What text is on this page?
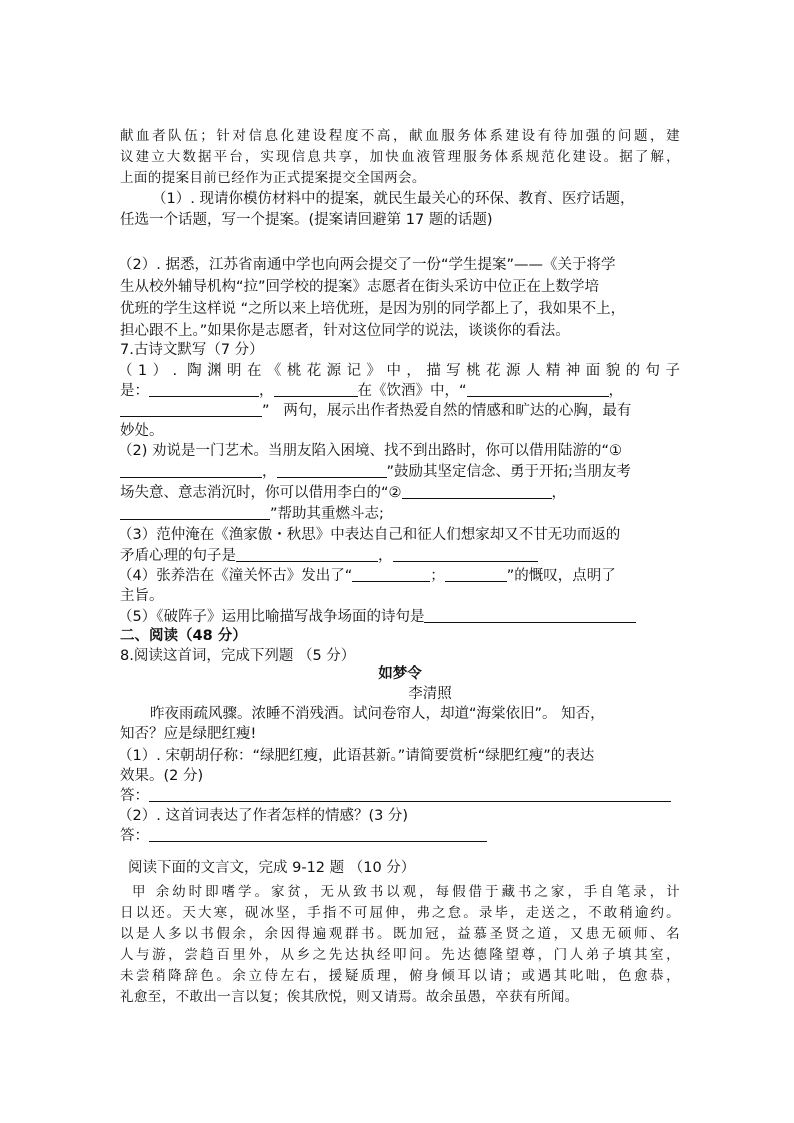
献血者队伍；针对信息化建设程度不高，献血服务体系建设有待加强的问题，建
议建立大数据平台，实现信息共享，加快血液管理服务体系规范化建设。据了解，
上面的提案目前已经作为正式提案提交全国两会。
（1）. 现请你模仿材料中的提案，就民生最关心的环保、教育、医疗话题，
任选一个话题，写一个提案。(提案请回避第 17 题的话题)
（2）. 据悉，江苏省南通中学也向两会提交了一份“学生提案”——《关于将学
生从校外辅导机构“拉”回学校的提案》志愿者在街头采访中位正在上数学培
优班的学生这样说 “之所以来上培优班，是因为别的同学都上了，我如果不上，
担心跟不上。”如果你是志愿者，针对这位同学的说法，谈谈你的看法。
7.古诗文默写（7 分）
（1）. 陶渊明在《桃花源记》中，描写桃花源人精神面貌的句子
是：	，	在《饮酒》中，“	，
” 两句，展示出作者热爱自然的情感和旷达的心胸，最有
妙处。
（2) 劝说是一门艺术。当朋友陷入困境、找不到出路时，你可以借用陆游的“①
，	”鼓励其坚定信念、勇于开拓;当朋友考
场失意、意志消沉时，你可以借用李白的“②	，
”帮助其重燃斗志;
（3）范仲淹在《渔家傲・秋思》中表达自己和征人们想家却又不甘无功而返的
矛盾心理的句子是	，
（4）张养浩在《潼关怀古》发出了“	；	”的慨叹，点明了
主旨。
（5）《破阵子》运用比喻描写战争场面的诗句是
二、阅读（48 分）
8.阅读这首词，完成下列题 （5 分）
如梦令
李清照
昨夜雨疏风骤。浓睡不消残酒。试问卷帘人，却道“海棠依旧”。 知否，
知否？应是绿肥红瘦!
（1）. 宋朝胡仔称：“绿肥红瘦，此语甚新。”请简要赏析“绿肥红瘦”的表达
效果。(2 分)
答：
（2）. 这首词表达了作者怎样的情感？(3 分)
答：
阅读下面的文言文，完成 9-12 题 （10 分）
甲 余幼时即嗜学。家贫，无从致书以观，每假借于藏书之家，手自笔录，计
日以还。天大寒，砚冰坚，手指不可屈伸，弗之怠。录毕，走送之，不敢稍逾约。
以是人多以书假余，余因得遍观群书。既加冠，益慕圣贤之道，又患无硕师、名
人与游，尝趋百里外，从乡之先达执经叩问。先达德隆望尊，门人弟子填其室，
未尝稍降辞色。余立侍左右，援疑质理，俯身倾耳以请；或遇其叱咄，色愈恭，
礼愈至，不敢出一言以复；俟其欣悦，则又请焉。故余虽愚，卒获有所闻。
